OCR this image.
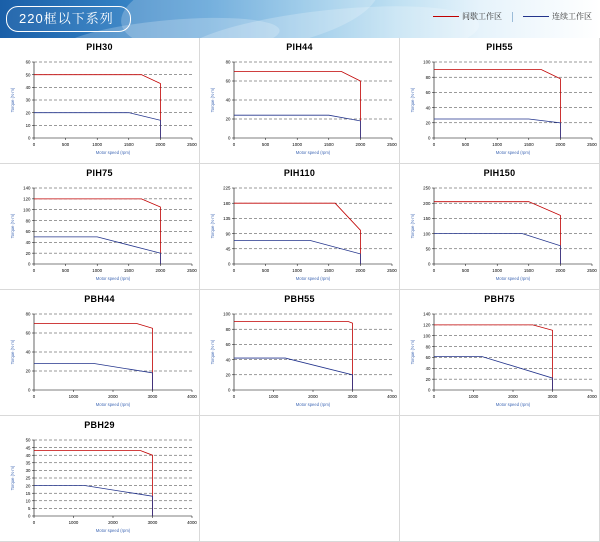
220框以下系列	间歇工作区	连续工作区
PIH30
0
10
20
30
40
50
60
0	500	1000	1500	2000	2500
Motor speed (rpm)
Torque (N·m)
PIH44
0
20
40
60
80
0	500	1000	1500	2000	2500
Motor speed (rpm)
Torque (N·m)
PIH55
0
20
40
60
80
100
0	500	1000	1500	2000	2500
Motor speed (rpm)
Torque (N·m)
PIH75
0
20
40
60
80
100
120
140
0	500	1000	1500	2000	2500
Motor speed (rpm)
Torque (N·m)
PIH110
0
45
90
135
180
225
0	500	1000	1500	2000	2500
Motor speed (rpm)
Torque (N·m)
PIH150
0
50
100
150
200
250
0	500	1000	1500	2000	2500
Motor speed (rpm)
Torque (N·m)
PBH44
0
20
40
60
80
0	1000	2000	3000	4000
Motor speed (rpm)
Torque (N·m)
PBH55
0
20
40
60
80
100
0	1000	2000	3000	4000
Motor speed (rpm)
Torque (N·m)
PBH75
0
20
40
60
80
100
120
140
0	1000	2000	3000	4000
Motor speed (rpm)
Torque (N·m)
PBH29
0
5
10
15
20
25
30
35
40
45
50
0	1000	2000	3000	4000
Motor speed (rpm)
Torque (N·m)
